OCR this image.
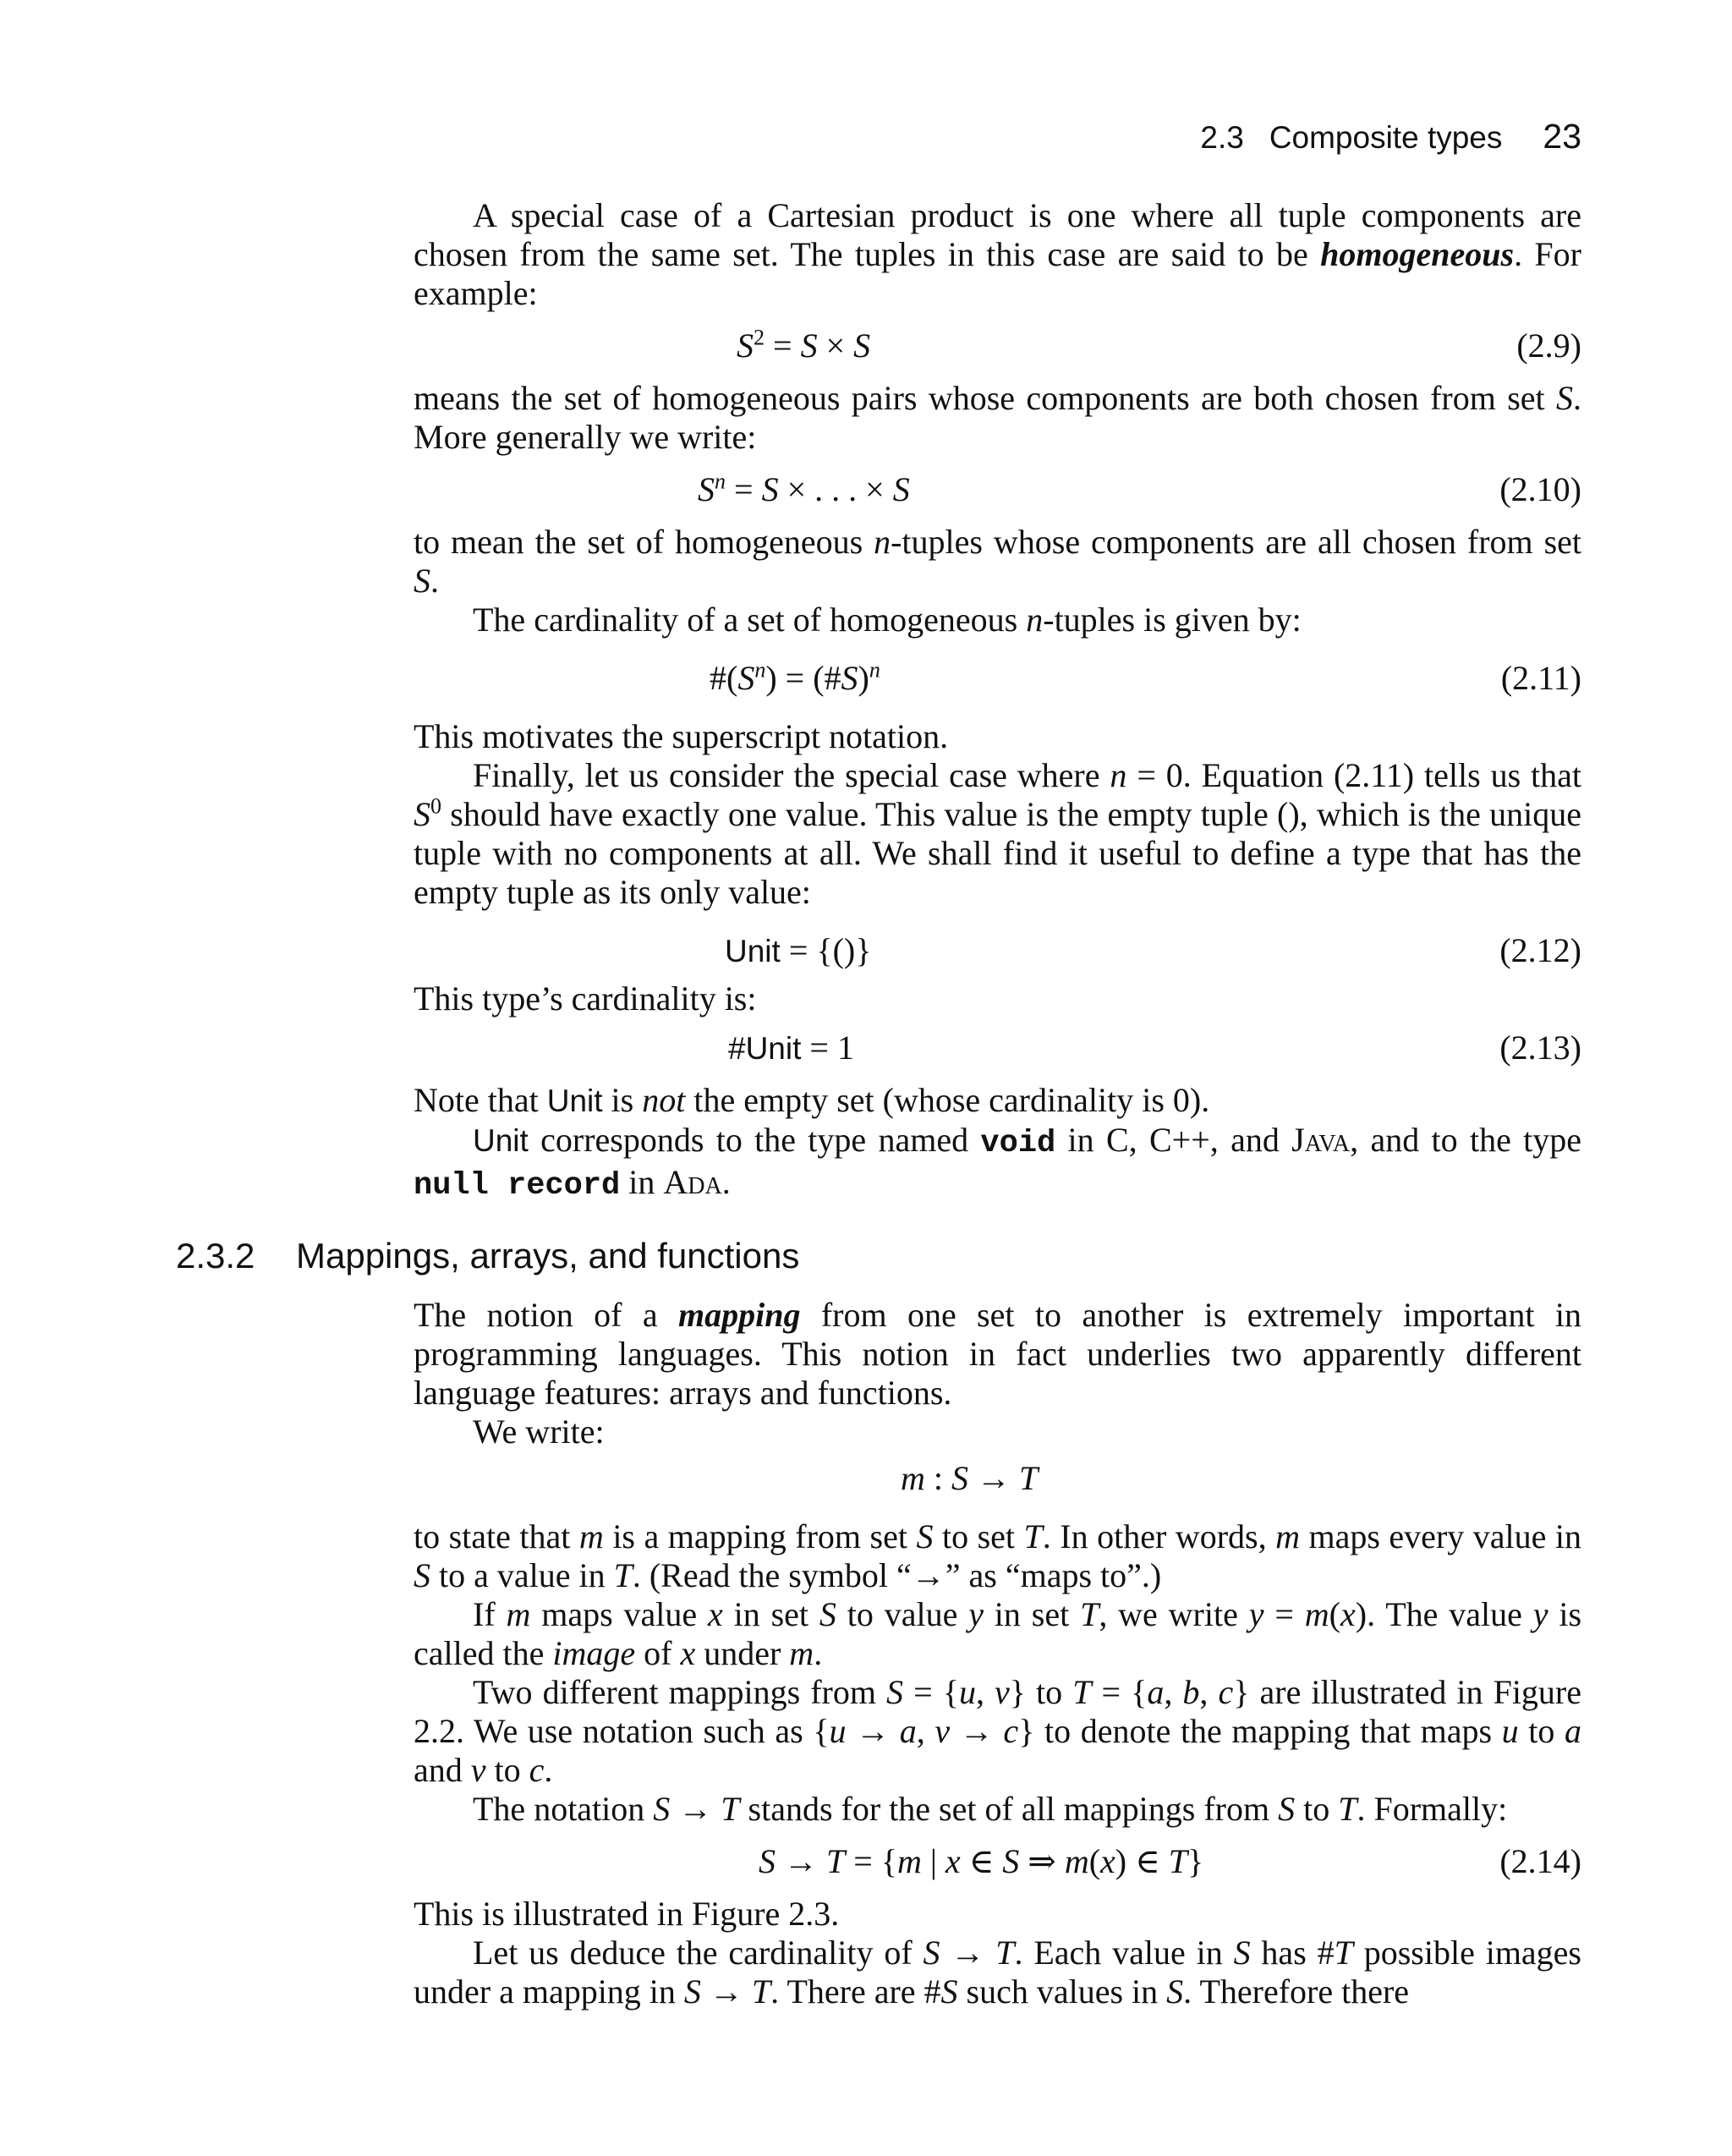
2.3 Composite types 23

A special case of a Cartesian product is one where all tuple components are chosen from the same set. The tuples in this case are said to be homogeneous. For example:

$S^2 = S \times S$	(2.9)

means the set of homogeneous pairs whose components are both chosen from set S. More generally we write:

$S^n = S$ × . . . × S	(2.10)

to mean the set of homogeneous n-tuples whose components are all chosen from set S.

The cardinality of a set of homogeneous n-tuples is given by:

$\#(S^n)$ = (#S)$^n$	(2.11)

This motivates the superscript notation.

Finally, let us consider the special case where n = 0. Equation (2.11) tells us that $S^0$ should have exactly one value. This value is the empty tuple (), which is the unique tuple with no components at all. We shall find it useful to define a type that has the empty tuple as its only value:

Unit = {()}	(2.12)

This type’s cardinality is:

#Unit = 1	(2.13)

Note that Unit is not the empty set (whose cardinality is 0).

Unit corresponds to the type named void in C, C++, and Java, and to the type null record in Ada.

2.3.2	Mappings, arrays, and functions

The notion of a mapping from one set to another is extremely important in programming languages. This notion in fact underlies two apparently different language features: arrays and functions.

We write:

m : S → T

to state that m is a mapping from set S to set T. In other words, m maps every value in S to a value in T. (Read the symbol “→” as “maps to”.)

If m maps value x in set S to value y in set T, we write y = m(x). The value y is called the image of x under m.

Two different mappings from S = {u, v} to T = {a, b, c} are illustrated in Figure 2.2. We use notation such as {u → a, v → c} to denote the mapping that maps u to a and v to c.

The notation S → T stands for the set of all mappings from S to T. Formally:

S → T = {m | x ∈ S ⇒ m(x) ∈ T}	(2.14)

This is illustrated in Figure 2.3.

Let us deduce the cardinality of S → T. Each value in S has #T possible images under a mapping in S → T. There are #S such values in S. Therefore there
